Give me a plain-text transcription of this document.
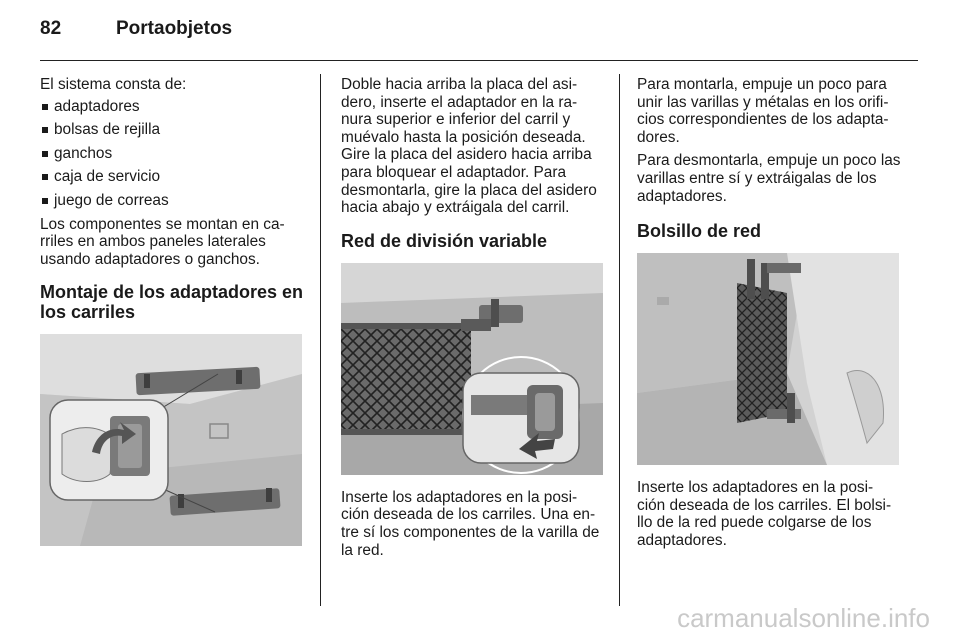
82	Portaobjetos

El sistema consta de:

adaptadores
bolsas de rejilla
ganchos
caja de servicio
juego de correas

Los componentes se montan en ca-rriles en ambos paneles laterales usando adaptadores o ganchos.

Montaje de los adaptadores en los carriles

Doble hacia arriba la placa del asi-dero, inserte el adaptador en la ra-nura superior e inferior del carril y muévalo hasta la posición deseada. Gire la placa del asidero hacia arriba para bloquear el adaptador. Para desmontarla, gire la placa del asidero hacia abajo y extráigala del carril.

Red de división variable

Inserte los adaptadores en la posi-ción deseada de los carriles. Una en-tre sí los componentes de la varilla de la red.

Para montarla, empuje un poco para unir las varillas y métalas en los orifi-cios correspondientes de los adapta-dores.

Para desmontarla, empuje un poco las varillas entre sí y extráigalas de los adaptadores.

Bolsillo de red

Inserte los adaptadores en la posi-ción deseada de los carriles. El bolsi-llo de la red puede colgarse de los adaptadores.

carmanualsonline.info
